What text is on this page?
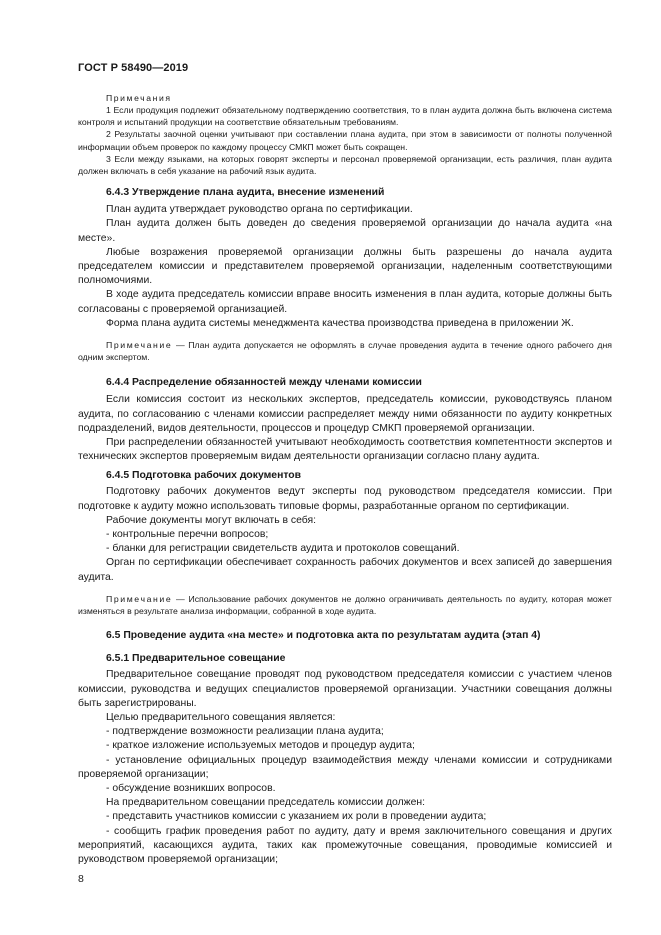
ГОСТ Р 58490—2019

Примечания

1 Если продукция подлежит обязательному подтверждению соответствия, то в план аудита должна быть включена система контроля и испытаний продукции на соответствие обязательным требованиям.

2 Результаты заочной оценки учитывают при составлении плана аудита, при этом в зависимости от полноты полученной информации объем проверок по каждому процессу СМКП может быть сокращен.

3 Если между языками, на которых говорят эксперты и персонал проверяемой организации, есть различия, план аудита должен включать в себя указание на рабочий язык аудита.

6.4.3 Утверждение плана аудита, внесение изменений

План аудита утверждает руководство органа по сертификации.

План аудита должен быть доведен до сведения проверяемой организации до начала аудита «на месте».

Любые возражения проверяемой организации должны быть разрешены до начала аудита председателем комиссии и представителем проверяемой организации, наделенным соответствующими полномочиями.

В ходе аудита председатель комиссии вправе вносить изменения в план аудита, которые должны быть согласованы с проверяемой организацией.

Форма плана аудита системы менеджмента качества производства приведена в приложении Ж.

Примечание — План аудита допускается не оформлять в случае проведения аудита в течение одного рабочего дня одним экспертом.

6.4.4 Распределение обязанностей между членами комиссии

Если комиссия состоит из нескольких экспертов, председатель комиссии, руководствуясь планом аудита, по согласованию с членами комиссии распределяет между ними обязанности по аудиту конкретных подразделений, видов деятельности, процессов и процедур СМКП проверяемой организации.

При распределении обязанностей учитывают необходимость соответствия компетентности экспертов и технических экспертов проверяемым видам деятельности организации согласно плану аудита.

6.4.5 Подготовка рабочих документов

Подготовку рабочих документов ведут эксперты под руководством председателя комиссии. При подготовке к аудиту можно использовать типовые формы, разработанные органом по сертификации.

Рабочие документы могут включать в себя:

- контрольные перечни вопросов;

- бланки для регистрации свидетельств аудита и протоколов совещаний.

Орган по сертификации обеспечивает сохранность рабочих документов и всех записей до завершения аудита.

Примечание — Использование рабочих документов не должно ограничивать деятельность по аудиту, которая может изменяться в результате анализа информации, собранной в ходе аудита.

6.5 Проведение аудита «на месте» и подготовка акта по результатам аудита (этап 4)

6.5.1 Предварительное совещание

Предварительное совещание проводят под руководством председателя комиссии с участием членов комиссии, руководства и ведущих специалистов проверяемой организации. Участники совещания должны быть зарегистрированы.

Целью предварительного совещания является:

- подтверждение возможности реализации плана аудита;

- краткое изложение используемых методов и процедур аудита;

- установление официальных процедур взаимодействия между членами комиссии и сотрудниками проверяемой организации;

- обсуждение возникших вопросов.

На предварительном совещании председатель комиссии должен:

- представить участников комиссии с указанием их роли в проведении аудита;

- сообщить график проведения работ по аудиту, дату и время заключительного совещания и других мероприятий, касающихся аудита, таких как промежуточные совещания, проводимые комиссией и руководством проверяемой организации;

8
